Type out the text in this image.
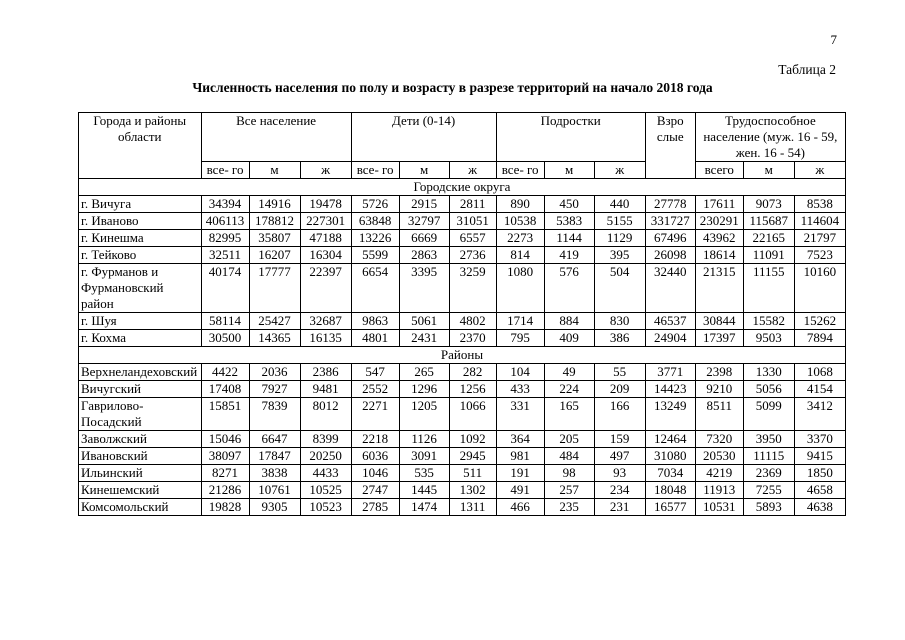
7
Таблица 2
Численность населения по полу и возрасту в разрезе территорий на начало 2018 года
Города и районы области	Все население			Дети (0-14)			Подростки			Взро слые	Трудоспособное население (муж. 16 - 59, жен. 16 - 54)		
	все- го	м	ж	все- го	м	ж	все- го	м	ж		всего	м	ж
Городские округа													
г. Вичуга	34394	14916	19478	5726	2915	2811	890	450	440	27778	17611	9073	8538
г. Иваново	406113	178812	227301	63848	32797	31051	10538	5383	5155	331727	230291	115687	114604
г. Кинешма	82995	35807	47188	13226	6669	6557	2273	1144	1129	67496	43962	22165	21797
г. Тейково	32511	16207	16304	5599	2863	2736	814	419	395	26098	18614	11091	7523
г. Фурманов и Фурмановский район	40174	17777	22397	6654	3395	3259	1080	576	504	32440	21315	11155	10160
г. Шуя	58114	25427	32687	9863	5061	4802	1714	884	830	46537	30844	15582	15262
г. Кохма	30500	14365	16135	4801	2431	2370	795	409	386	24904	17397	9503	7894
Районы													
Верхнеландеховский	4422	2036	2386	547	265	282	104	49	55	3771	2398	1330	1068
Вичугский	17408	7927	9481	2552	1296	1256	433	224	209	14423	9210	5056	4154
Гаврилово-Посадский	15851	7839	8012	2271	1205	1066	331	165	166	13249	8511	5099	3412
Заволжский	15046	6647	8399	2218	1126	1092	364	205	159	12464	7320	3950	3370
Ивановский	38097	17847	20250	6036	3091	2945	981	484	497	31080	20530	11115	9415
Ильинский	8271	3838	4433	1046	535	511	191	98	93	7034	4219	2369	1850
Кинешемский	21286	10761	10525	2747	1445	1302	491	257	234	18048	11913	7255	4658
Комсомольский	19828	9305	10523	2785	1474	1311	466	235	231	16577	10531	5893	4638
